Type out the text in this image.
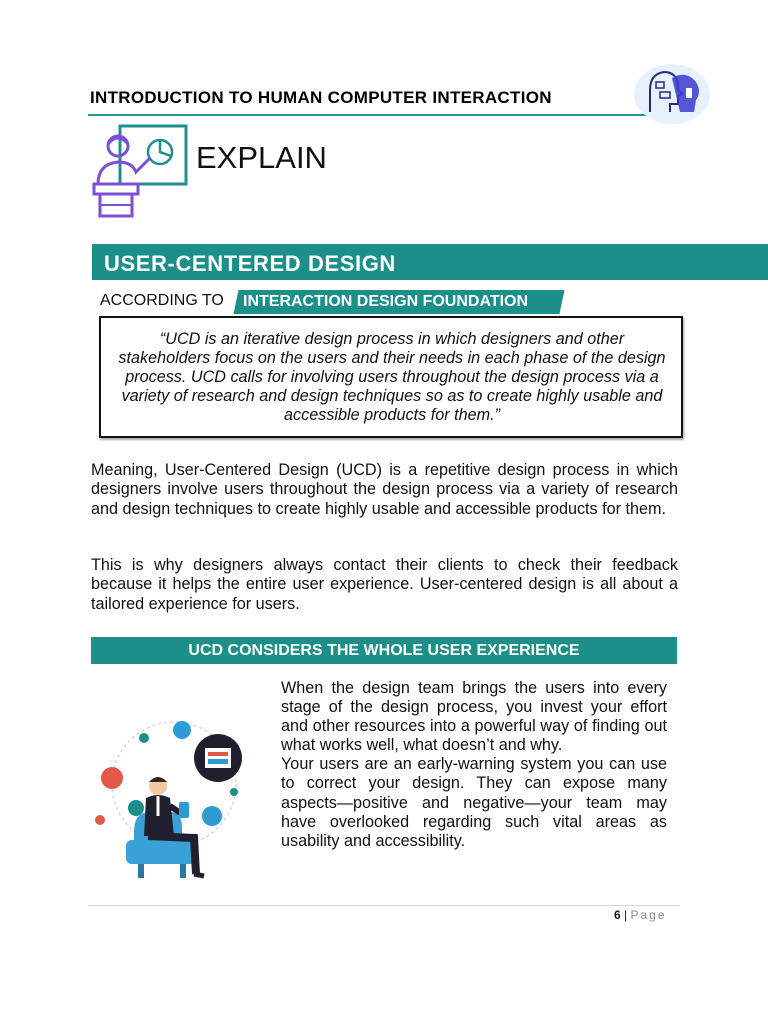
INTRODUCTION TO HUMAN COMPUTER INTERACTION
EXPLAIN
USER-CENTERED DESIGN
ACCORDING TO INTERACTION DESIGN FOUNDATION
“UCD is an iterative design process in which designers and other stakeholders focus on the users and their needs in each phase of the design process. UCD calls for involving users throughout the design process via a variety of research and design techniques so as to create highly usable and accessible products for them.”
Meaning, User-Centered Design (UCD) is a repetitive design process in which designers involve users throughout the design process via a variety of research and design techniques to create highly usable and accessible products for them.
This is why designers always contact their clients to check their feedback because it helps the entire user experience. User-centered design is all about a tailored experience for users.
UCD CONSIDERS THE WHOLE USER EXPERIENCE

When the design team brings the users into every stage of the design process, you invest your effort and other resources into a powerful way of finding out what works well, what doesn’t and why.

Your users are an early-warning system you can use to correct your design. They can expose many aspects—positive and negative—your team may have overlooked regarding such vital areas as usability and accessibility.

6 | Page
